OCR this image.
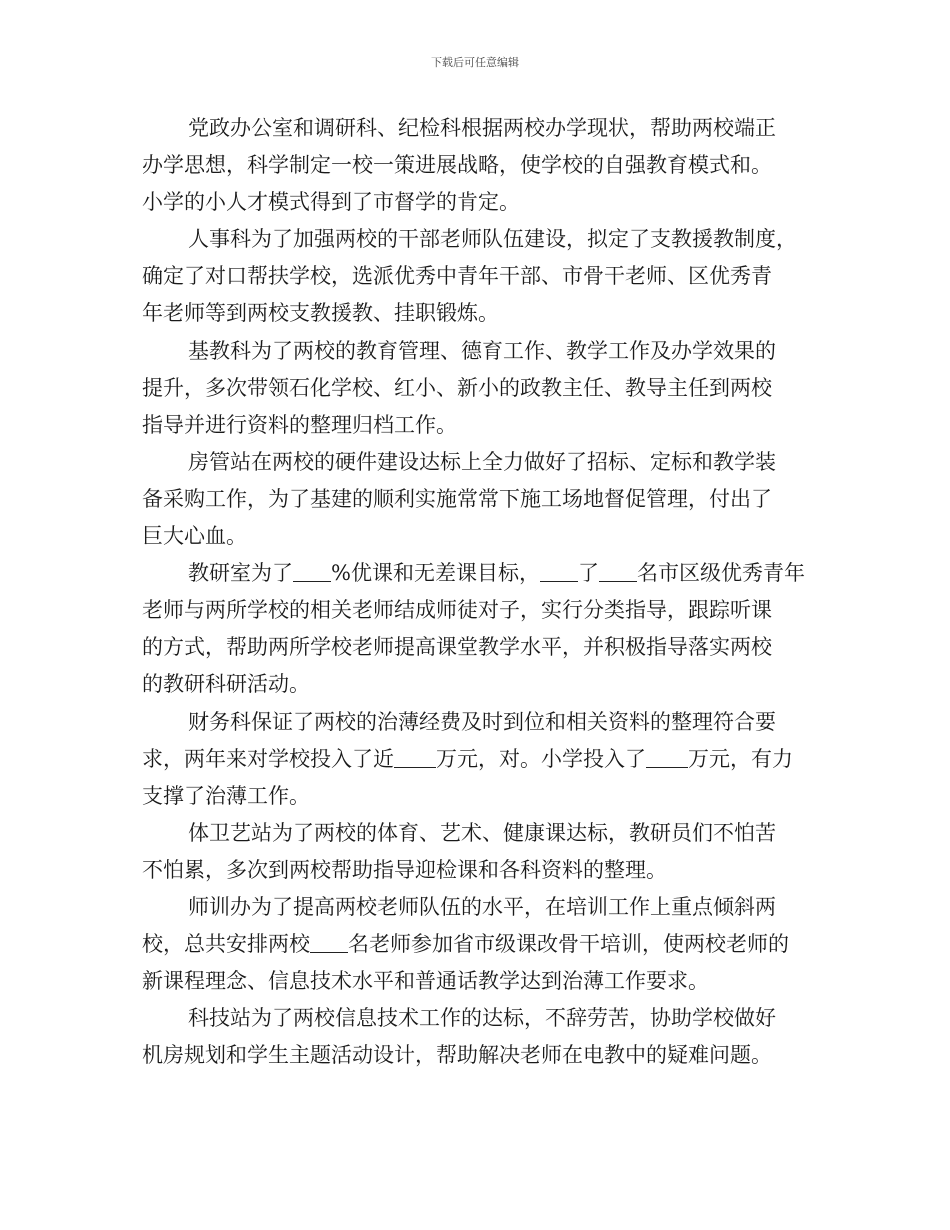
下载后可任意编辑
党政办公室和调研科、纪检科根据两校办学现状，帮助两校端正
办学思想，科学制定一校一策进展战略，使学校的自强教育模式和。
小学的小人才模式得到了市督学的肯定。
人事科为了加强两校的干部老师队伍建设，拟定了支教援教制度，
确定了对口帮扶学校，选派优秀中青年干部、市骨干老师、区优秀青
年老师等到两校支教援教、挂职锻炼。
基教科为了两校的教育管理、德育工作、教学工作及办学效果的
提升，多次带领石化学校、红小、新小的政教主任、教导主任到两校
指导并进行资料的整理归档工作。
房管站在两校的硬件建设达标上全力做好了招标、定标和教学装
备采购工作，为了基建的顺利实施常常下施工场地督促管理，付出了
巨大心血。
教研室为了 %优课和无差课目标， 了 名市区级优秀青年
老师与两所学校的相关老师结成师徒对子，实行分类指导，跟踪听课
的方式，帮助两所学校老师提高课堂教学水平，并积极指导落实两校
的教研科研活动。
财务科保证了两校的治薄经费及时到位和相关资料的整理符合要
求，两年来对学校投入了近 万元，对。小学投入了 万元，有力
支撑了治薄工作。
体卫艺站为了两校的体育、艺术、健康课达标，教研员们不怕苦
不怕累，多次到两校帮助指导迎检课和各科资料的整理。
师训办为了提高两校老师队伍的水平，在培训工作上重点倾斜两
校，总共安排两校 名老师参加省市级课改骨干培训，使两校老师的
新课程理念、信息技术水平和普通话教学达到治薄工作要求。
科技站为了两校信息技术工作的达标，不辞劳苦，协助学校做好
机房规划和学生主题活动设计，帮助解决老师在电教中的疑难问题。
